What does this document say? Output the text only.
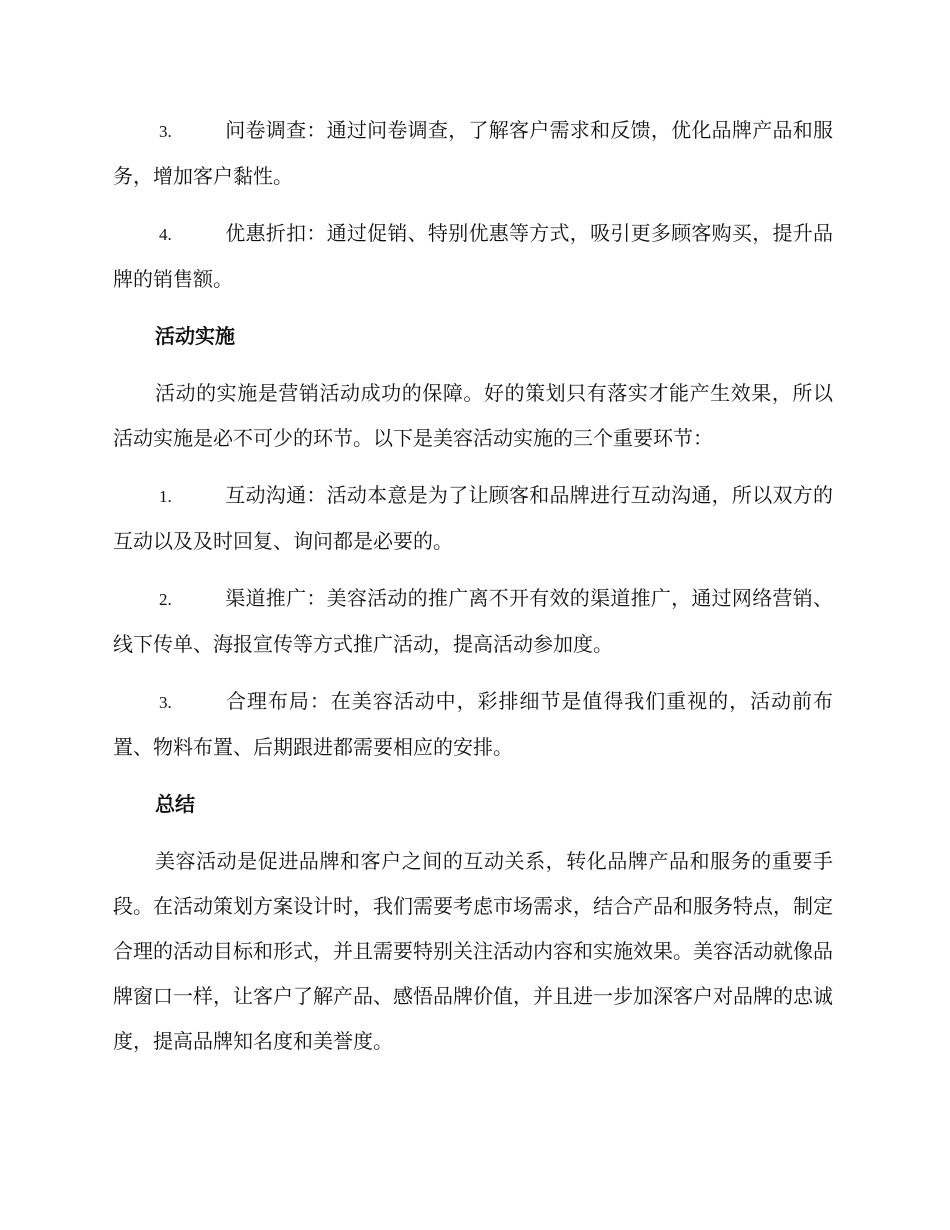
3.	问卷调查：通过问卷调查，了解客户需求和反馈，优化品牌产品和服务，增加客户黏性。
4.	优惠折扣：通过促销、特别优惠等方式，吸引更多顾客购买，提升品牌的销售额。
活动实施
活动的实施是营销活动成功的保障。好的策划只有落实才能产生效果，所以活动实施是必不可少的环节。以下是美容活动实施的三个重要环节：
1.	互动沟通：活动本意是为了让顾客和品牌进行互动沟通，所以双方的互动以及及时回复、询问都是必要的。
2.	渠道推广：美容活动的推广离不开有效的渠道推广，通过网络营销、线下传单、海报宣传等方式推广活动，提高活动参加度。
3.	合理布局：在美容活动中，彩排细节是值得我们重视的，活动前布置、物料布置、后期跟进都需要相应的安排。
总结
美容活动是促进品牌和客户之间的互动关系，转化品牌产品和服务的重要手段。在活动策划方案设计时，我们需要考虑市场需求，结合产品和服务特点，制定合理的活动目标和形式，并且需要特别关注活动内容和实施效果。美容活动就像品牌窗口一样，让客户了解产品、感悟品牌价值，并且进一步加深客户对品牌的忠诚度，提高品牌知名度和美誉度。
